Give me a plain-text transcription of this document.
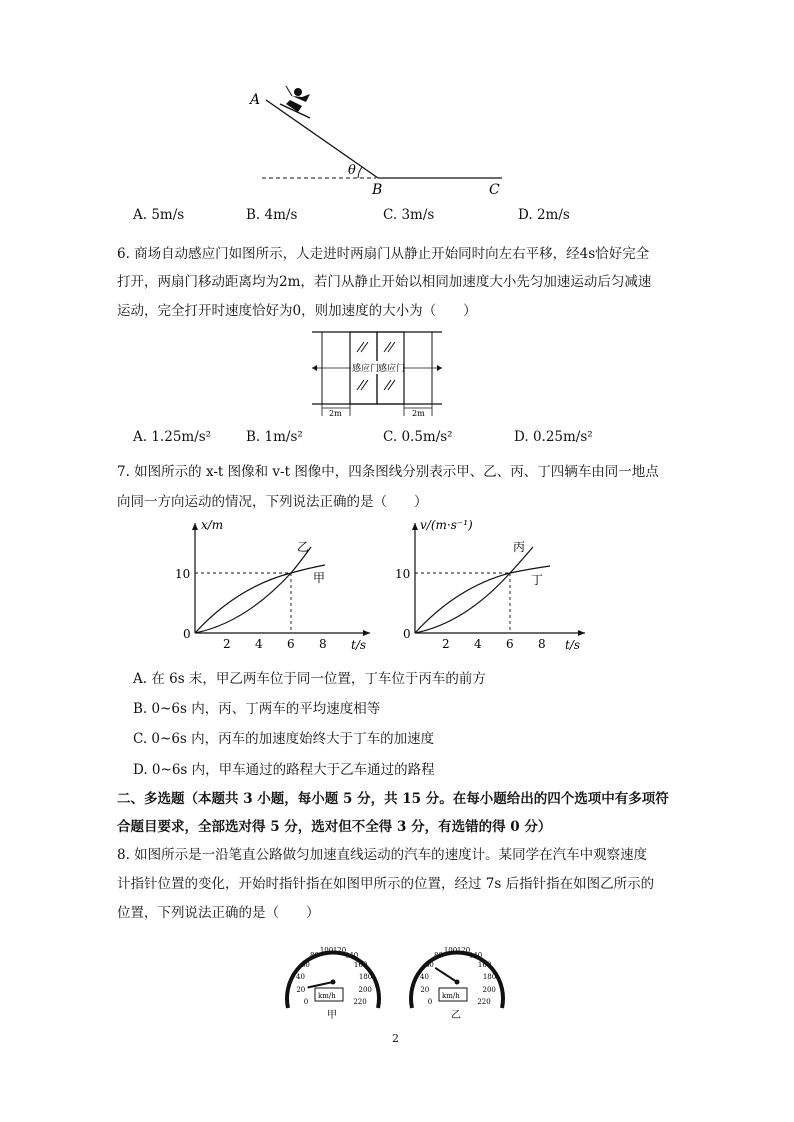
A
θ
B	C
A. 5m/s	B. 4m/s	C. 3m/s	D. 2m/s
6. 商场自动感应门如图所示，人走进时两扇门从静止开始同时向左右平移，经4s恰好完全
打开，两扇门移动距离均为2m，若门从静止开始以相同加速度大小先匀加速运动后匀减速
运动，完全打开时速度恰好为0，则加速度的大小为（　　）
感应门
感应门
2m	2m
A. 1.25m/s²	B. 1m/s²	C. 0.5m/s²	D. 0.25m/s²
7. 如图所示的 x-t 图像和 v-t 图像中，四条图线分别表示甲、乙、丙、丁四辆车由同一地点
向同一方向运动的情况，下列说法正确的是（　　）
x/m
t/s
10
0
2 4 6 8
乙
甲
v/(m·s⁻¹)
t/s
10
0
2 4 6 8
丙
丁
A. 在 6s 末，甲乙两车位于同一位置，丁车位于丙车的前方
B. 0~6s 内，丙、丁两车的平均速度相等
C. 0~6s 内，丙车的加速度始终大于丁车的加速度
D. 0~6s 内，甲车通过的路程大于乙车通过的路程
二、多选题（本题共 3 小题，每小题 5 分，共 15 分。在每小题给出的四个选项中有多项符
合题目要求，全部选对得 5 分，选对但不全得 3 分，有选错的得 0 分）
8. 如图所示是一沿笔直公路做匀加速直线运动的汽车的速度计。某同学在汽车中观察速度
计指针位置的变化，开始时指针指在如图甲所示的位置，经过 7s 后指针指在如图乙所示的
位置，下列说法正确的是（　　）
0
20
40
60
80
100 120
140
160
180
200
220
km/h
甲
0
20
40
60
80
100 120
140
160
180
200
220
km/h
乙
2
